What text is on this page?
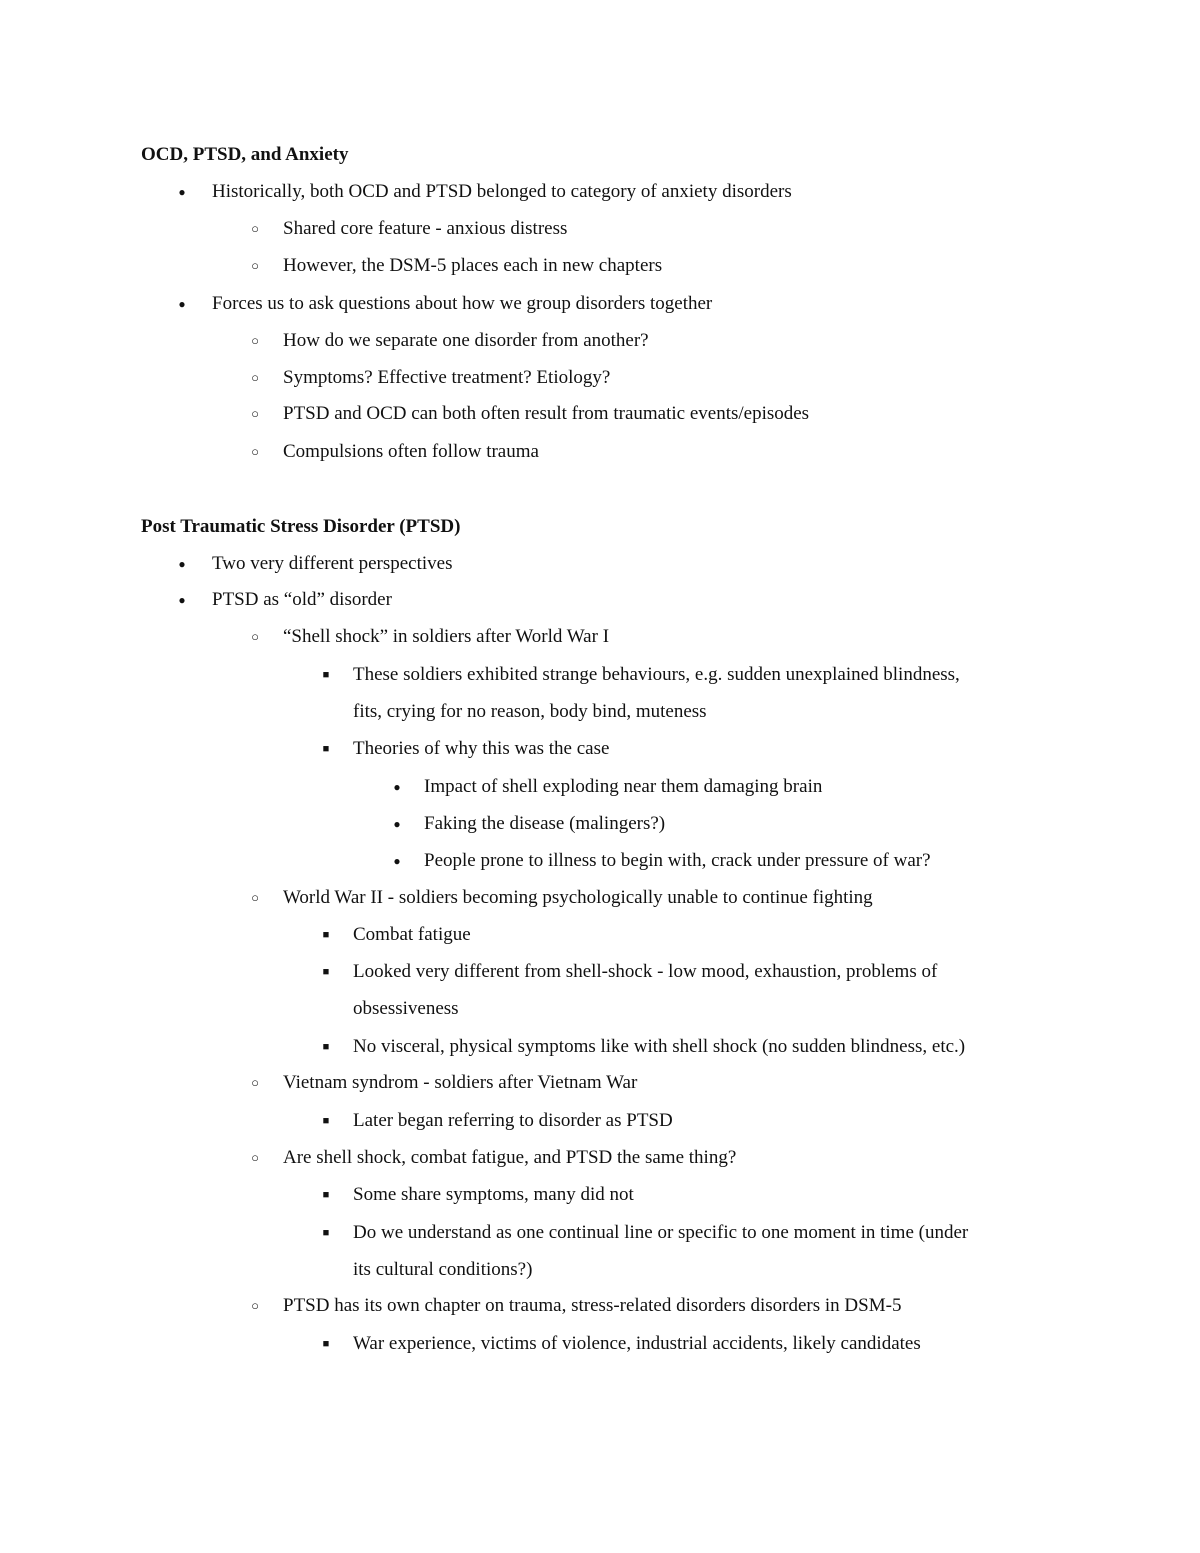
OCD, PTSD, and Anxiety
●
Historically, both OCD and PTSD belonged to category of anxiety disorders
○
Shared core feature - anxious distress
○
However, the DSM-5 places each in new chapters
●
Forces us to ask questions about how we group disorders together
○
How do we separate one disorder from another?
○
Symptoms? Effective treatment? Etiology?
○
PTSD and OCD can both often result from traumatic events/episodes
○
Compulsions often follow trauma
Post Traumatic Stress Disorder (PTSD)
●
Two very different perspectives
●
PTSD as “old” disorder
○
“Shell shock” in soldiers after World War I
■
These soldiers exhibited strange behaviours, e.g. sudden unexplained blindness,
fits, crying for no reason, body bind, muteness
■
Theories of why this was the case
●
Impact of shell exploding near them damaging brain
●
Faking the disease (malingers?)
●
People prone to illness to begin with, crack under pressure of war?
○
World War II - soldiers becoming psychologically unable to continue fighting
■
Combat fatigue
■
Looked very different from shell-shock - low mood, exhaustion, problems of
obsessiveness
■
No visceral, physical symptoms like with shell shock (no sudden blindness, etc.)
○
Vietnam syndrom - soldiers after Vietnam War
■
Later began referring to disorder as PTSD
○
Are shell shock, combat fatigue, and PTSD the same thing?
■
Some share symptoms, many did not
■
Do we understand as one continual line or specific to one moment in time (under
its cultural conditions?)
○
PTSD has its own chapter on trauma, stress-related disorders disorders in DSM-5
■
War experience, victims of violence, industrial accidents, likely candidates
